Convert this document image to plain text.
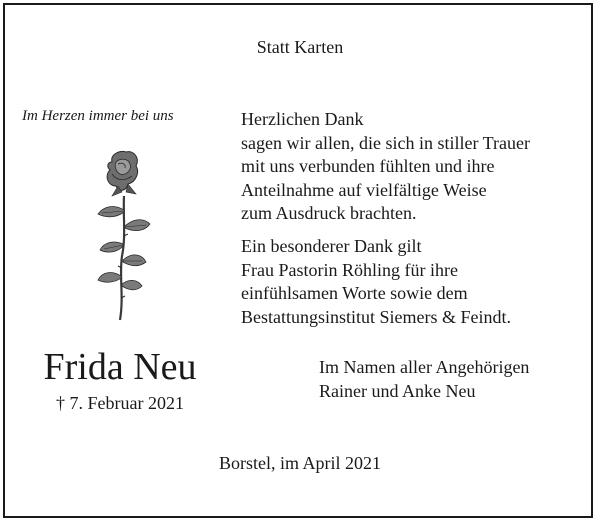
Statt Karten
Im Herzen immer bei uns	Herzlichen Dank
sagen wir allen, die sich in stiller Trauer
mit uns verbunden fühlten und ihre
Anteilnahme auf vielfältige Weise
zum Ausdruck brachten.
Ein besonderer Dank gilt
Frau Pastorin Röhling für ihre
einfühlsamen Worte sowie dem
Bestattungsinstitut Siemers & Feindt.
Frida Neu
† 7. Februar 2021
Im Namen aller Angehörigen
Rainer und Anke Neu
Borstel, im April 2021
